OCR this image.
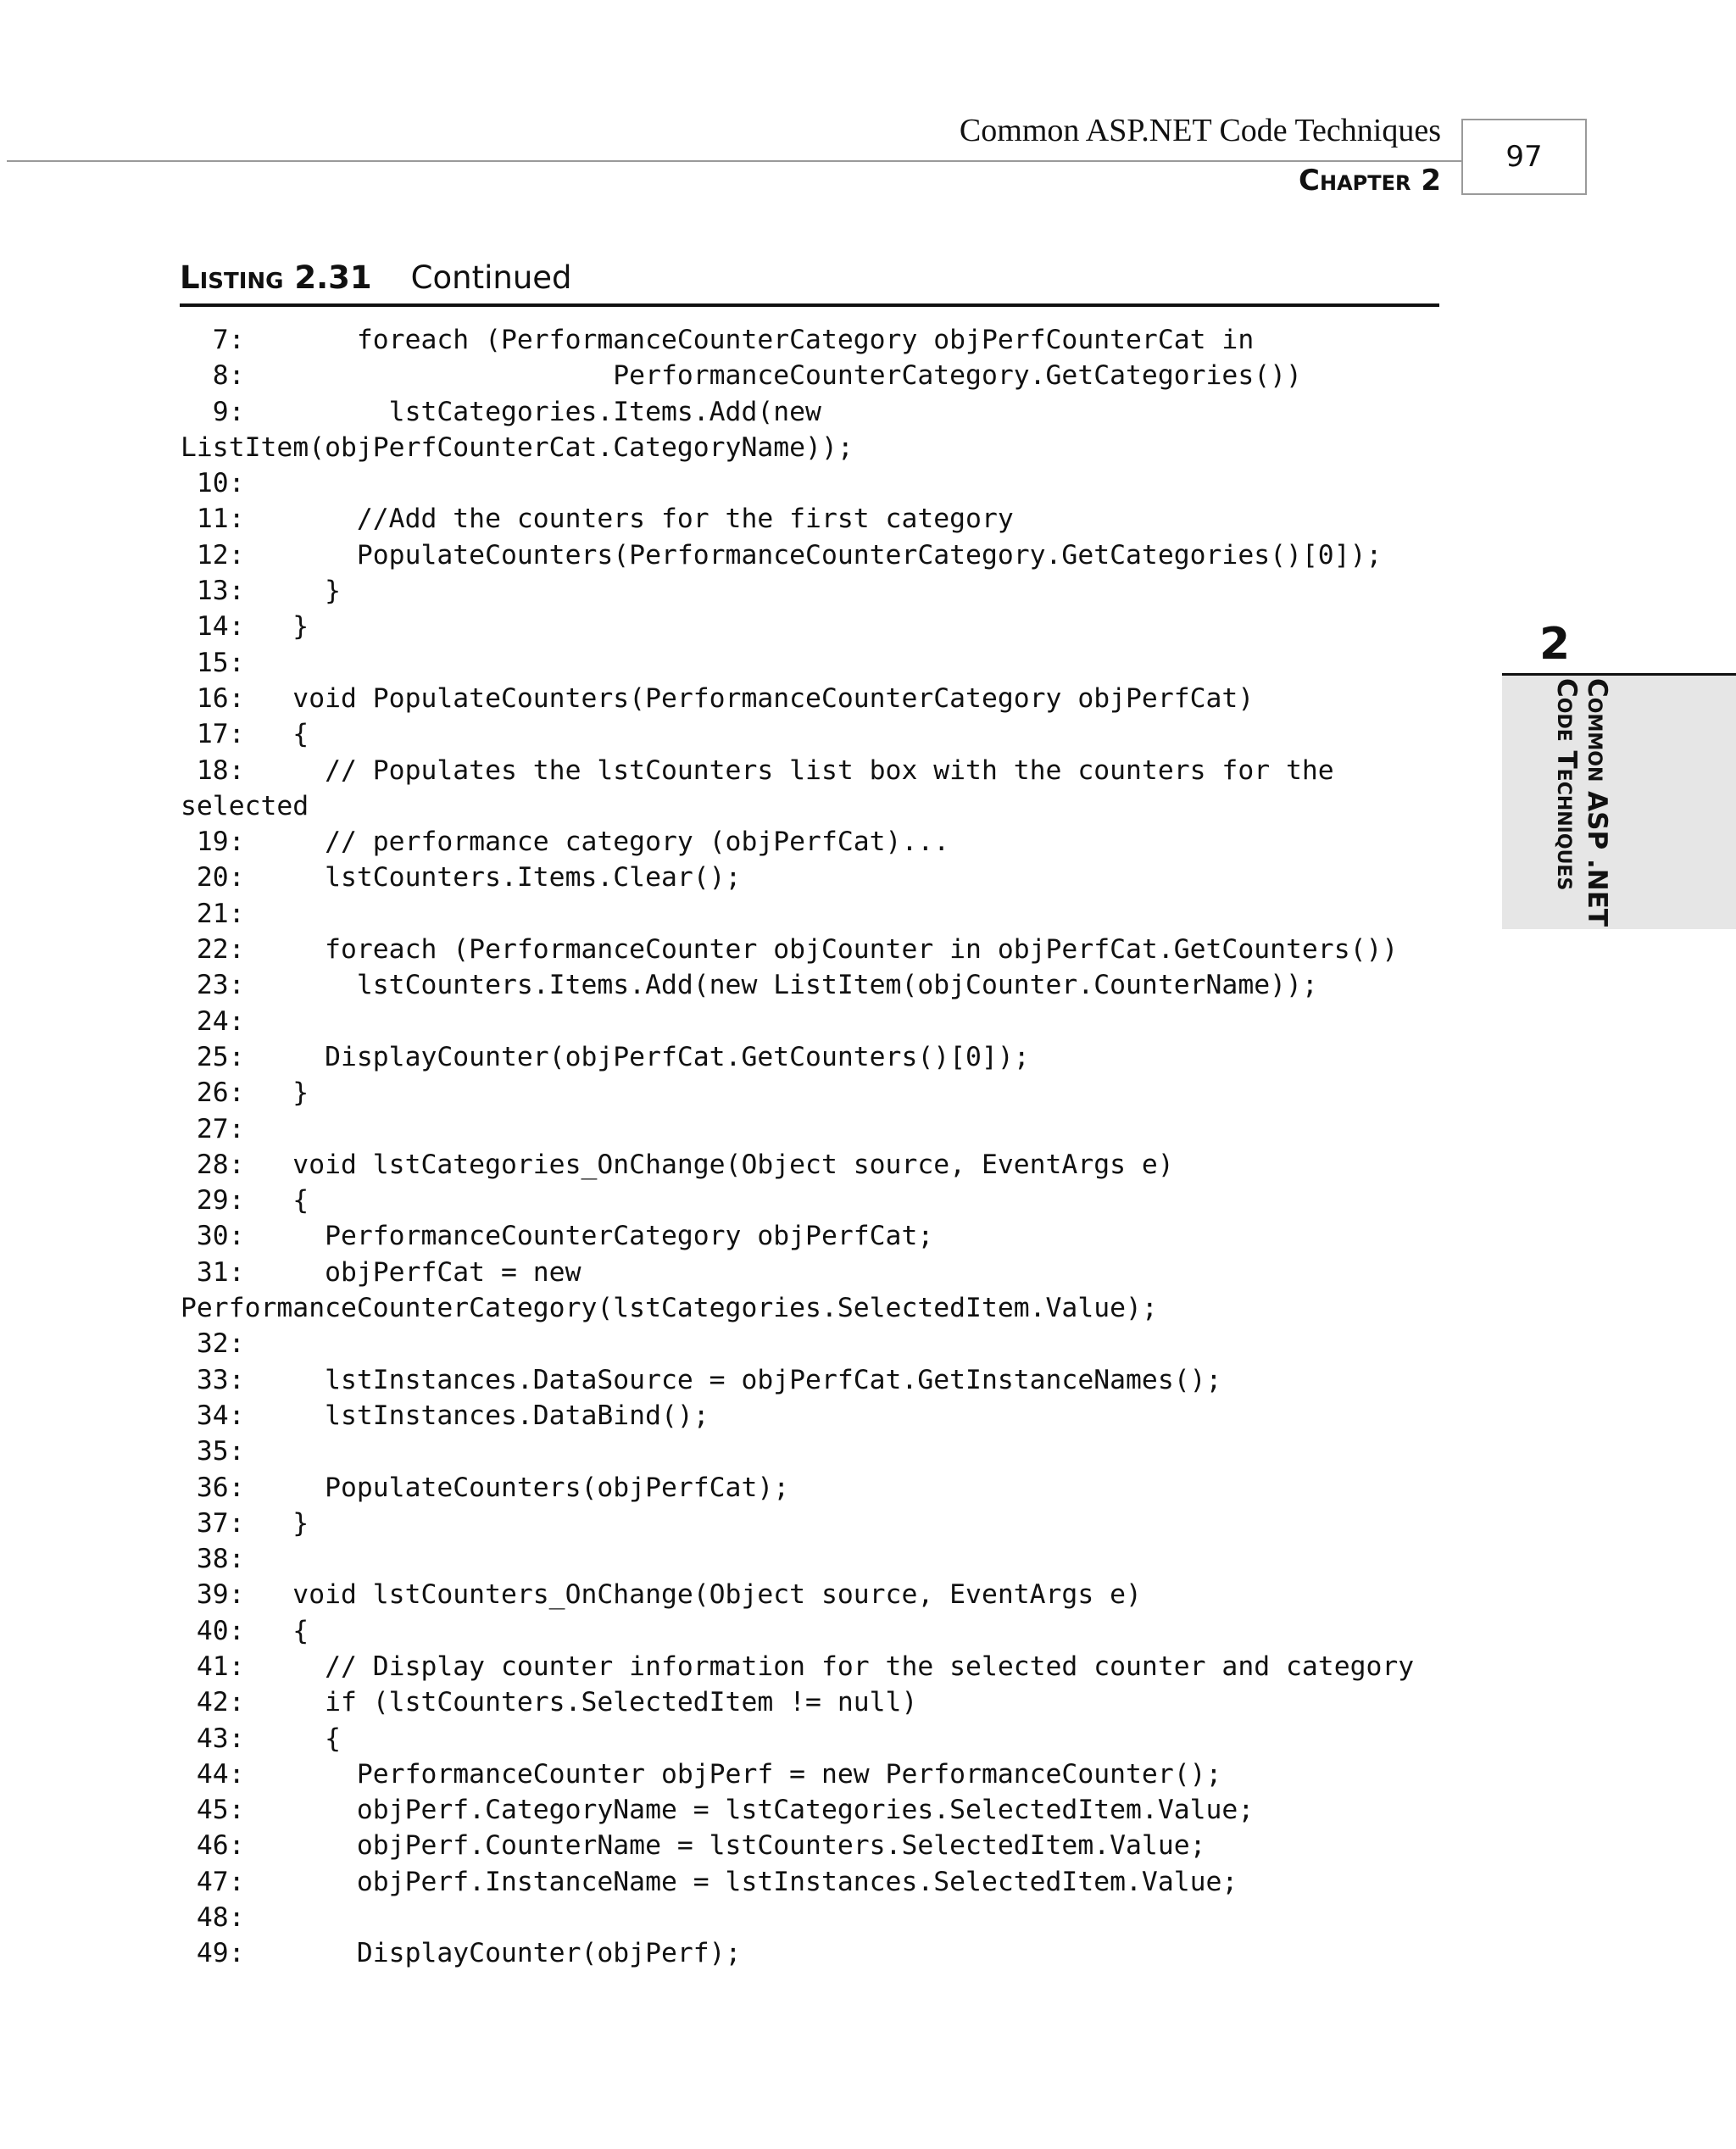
Common ASP.NET Code Techniques
Chapter 2
97
2
Common ASP .NET
Code Techniques
Listing 2.31 Continued
7:       foreach (PerformanceCounterCategory objPerfCounterCat in
8:                       PerformanceCounterCategory.GetCategories())
9:         lstCategories.Items.Add(new
ListItem(objPerfCounterCat.CategoryName));
10:
11:       //Add the counters for the first category
12:       PopulateCounters(PerformanceCounterCategory.GetCategories()[0]);
13:     }
14:   }
15:
16:   void PopulateCounters(PerformanceCounterCategory objPerfCat)
17:   {
18:     // Populates the lstCounters list box with the counters for the
selected
19:     // performance category (objPerfCat)...
20:     lstCounters.Items.Clear();
21:
22:     foreach (PerformanceCounter objCounter in objPerfCat.GetCounters())
23:       lstCounters.Items.Add(new ListItem(objCounter.CounterName));
24:
25:     DisplayCounter(objPerfCat.GetCounters()[0]);
26:   }
27:
28:   void lstCategories_OnChange(Object source, EventArgs e)
29:   {
30:     PerformanceCounterCategory objPerfCat;
31:     objPerfCat = new
PerformanceCounterCategory(lstCategories.SelectedItem.Value);
32:
33:     lstInstances.DataSource = objPerfCat.GetInstanceNames();
34:     lstInstances.DataBind();
35:
36:     PopulateCounters(objPerfCat);
37:   }
38:
39:   void lstCounters_OnChange(Object source, EventArgs e)
40:   {
41:     // Display counter information for the selected counter and category
42:     if (lstCounters.SelectedItem != null)
43:     {
44:       PerformanceCounter objPerf = new PerformanceCounter();
45:       objPerf.CategoryName = lstCategories.SelectedItem.Value;
46:       objPerf.CounterName = lstCounters.SelectedItem.Value;
47:       objPerf.InstanceName = lstInstances.SelectedItem.Value;
48:
49:       DisplayCounter(objPerf);
